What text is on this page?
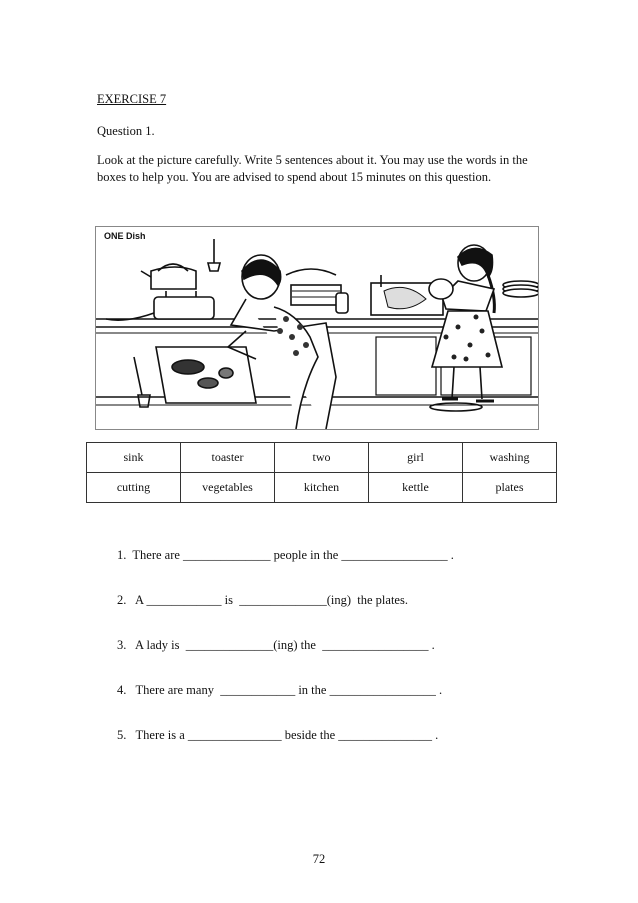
EXERCISE 7
Question 1.
Look at the picture carefully. Write 5 sentences about it. You may use the words in the boxes to help you. You are advised to spend about 15 minutes on this question.
ONE Dish
sink	toaster	two	girl	washing
cutting	vegetables	kitchen	kettle	plates
1.  There are ______________ people in the _________________ .
2.   A ____________ is  ______________(ing)  the plates.
3.   A lady is  ______________(ing) the  _________________ .
4.   There are many  ____________ in the _________________ .
5.   There is a _______________ beside the _______________ .
72
